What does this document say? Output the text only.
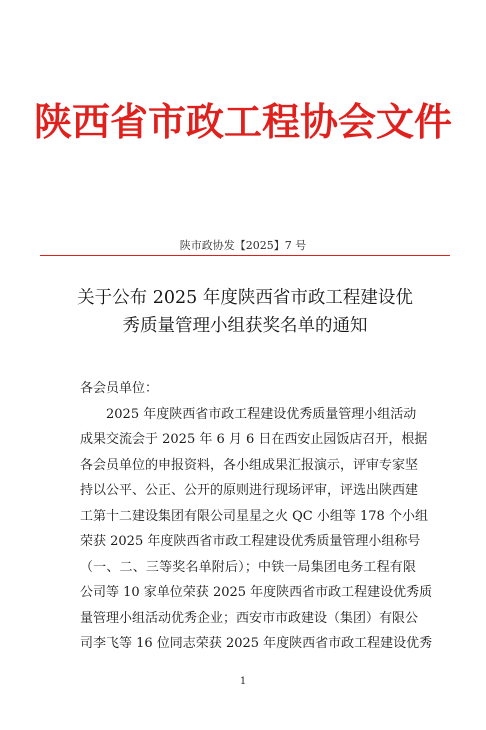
陕西省市政工程协会文件
陕市政协发【2025】7 号
关于公布 2025 年度陕西省市政工程建设优
秀质量管理小组获奖名单的通知
各会员单位：
2025 年度陕西省市政工程建设优秀质量管理小组活动
成果交流会于 2025 年 6 月 6 日在西安止园饭店召开，根据
各会员单位的申报资料，各小组成果汇报演示，评审专家坚
持以公平、公正、公开的原则进行现场评审，评选出陕西建
工第十二建设集团有限公司星星之火 QC 小组等 178 个小组
荣获 2025 年度陕西省市政工程建设优秀质量管理小组称号
（一、二、三等奖名单附后）；中铁一局集团电务工程有限
公司等 10 家单位荣获 2025 年度陕西省市政工程建设优秀质
量管理小组活动优秀企业；西安市市政建设（集团）有限公
司李飞等 16 位同志荣获 2025 年度陕西省市政工程建设优秀
1
